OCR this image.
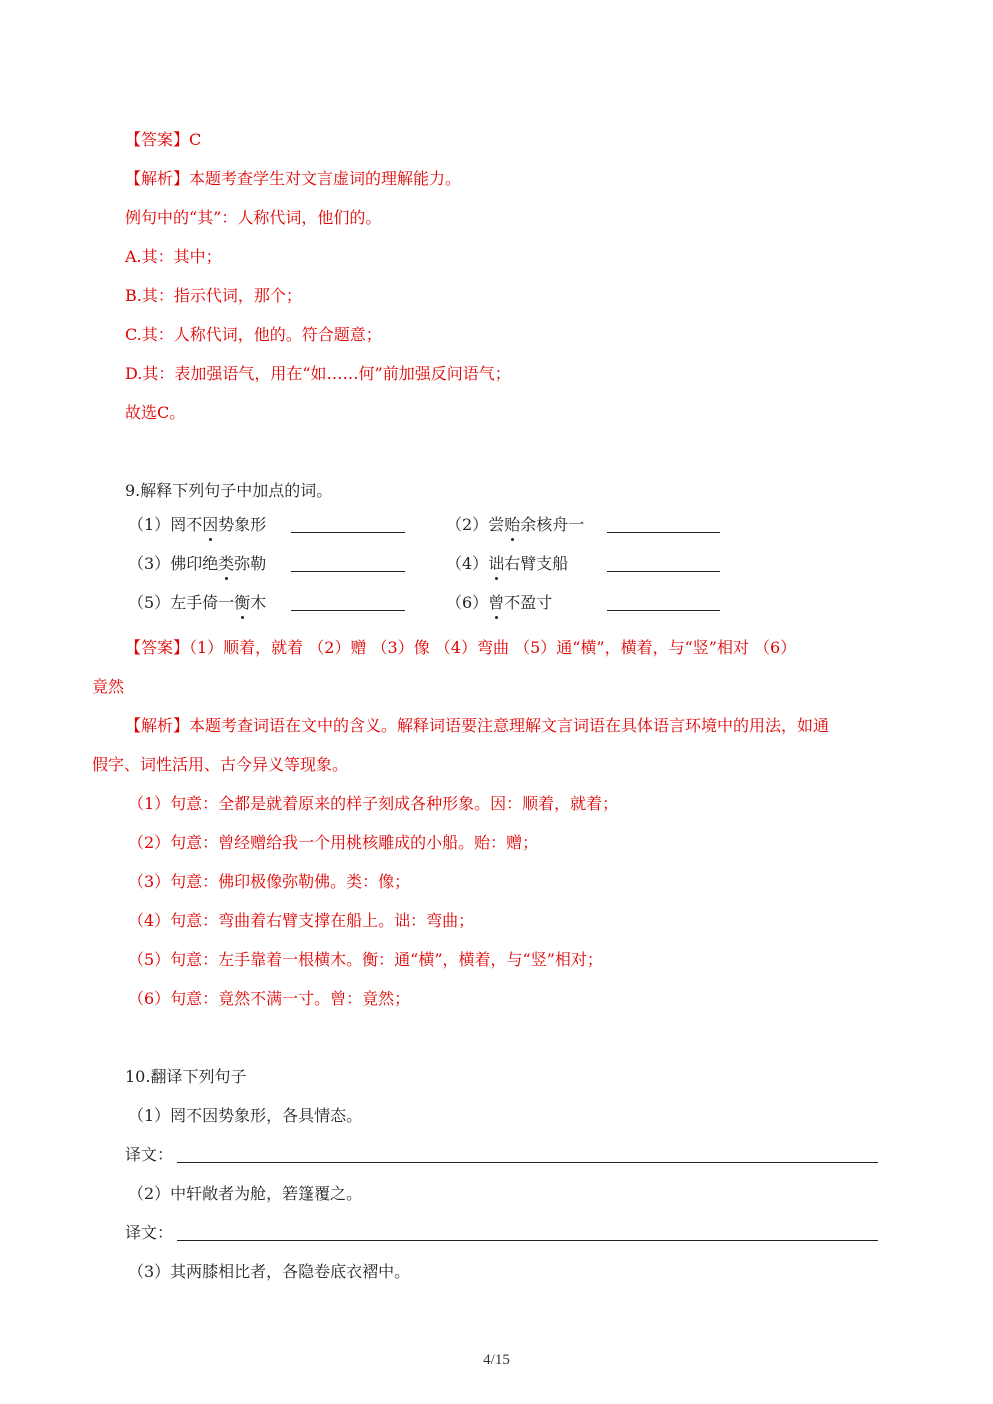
【答案】C
【解析】本题考查学生对文言虚词的理解能力。
例句中的“其”：人称代词，他们的。
A.其：其中；
B.其：指示代词，那个；
C.其：人称代词，他的。符合题意；
D.其：表加强语气，用在“如……何”前加强反问语气；
故选C。
9.解释下列句子中加点的词。
（1）罔不因势象形	（2）尝贻余核舟一
（3）佛印绝类弥勒	（4）诎右臂支船
（5）左手倚一衡木	（6）曾不盈寸
【答案】（1）顺着，就着 （2）赠 （3）像 （4）弯曲 （5）通“横”，横着，与“竖”相对 （6）
竟然
【解析】本题考查词语在文中的含义。解释词语要注意理解文言词语在具体语言环境中的用法，如通
假字、词性活用、古今异义等现象。
（1）句意：全都是就着原来的样子刻成各种形象。因：顺着，就着；
（2）句意：曾经赠给我一个用桃核雕成的小船。贻：赠；
（3）句意：佛印极像弥勒佛。类：像；
（4）句意：弯曲着右臂支撑在船上。诎：弯曲；
（5）句意：左手靠着一根横木。衡：通“横”，横着，与“竖”相对；
（6）句意：竟然不满一寸。曾：竟然；
10.翻译下列句子
（1）罔不因势象形，各具情态。
译文：
（2）中轩敞者为舱，箬篷覆之。
译文：
（3）其两膝相比者，各隐卷底衣褶中。
4/15
